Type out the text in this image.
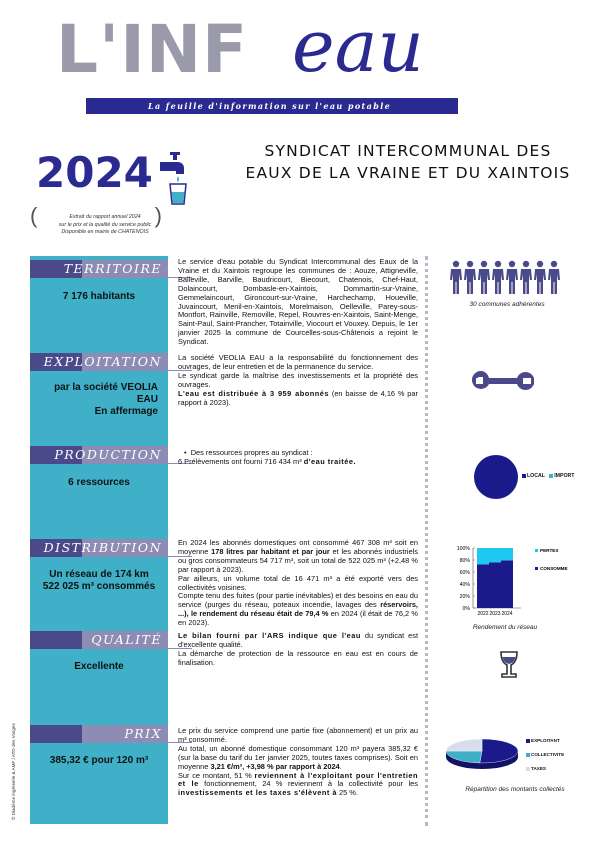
L'INF eau
La feuille d'information sur l'eau potable
SYNDICAT INTERCOMMUNAL DES EAUX DE LA VRAINE ET DU XAINTOIS
2024
(	Extrait du rapport annuel 2024
sur le prix et la qualité du service public
Disponible en mairie de CHATENOIS
)
TERRITOIRE
7 176 habitants
EXPLOITATION
par la société VEOLIA
EAU
En affermage
PRODUCTION
6 ressources
DISTRIBUTION
Un réseau de 174 km
522 025 m³ consommés
QUALITÉ
Excellente
PRIX
385,32 € pour 120 m³
© Diadème ingénierie & AMF / ATD des Vosges
Le service d'eau potable du Syndicat Intercommunal des Eaux de la Vraine et du Xaintois regroupe les communes de : Aouze, Attigneville, Balleville, Barville, Baudricourt, Biecourt, Chatenois, Chef-Haut, Dolaincourt, Dombasle-en-Xaintois, Dommartin-sur-Vraine, Gemmelaincourt, Gironcourt-sur-Vraine, Harchechamp, Houeville, Juvaincourt, Menil-en-Xaintois, Morelmaison, Oelleville, Parey-sous-Montfort, Rainville, Removille, Repel, Rouvres-en-Xaintois, Saint-Menge, Saint-Paul, Saint-Prancher, Totainville, Viocourt et Vouxey. Depuis, le 1er janvier 2025 la commune de Courcelles-sous-Châtenois a rejoint le Syndicat.
La société VEOLIA EAU a la responsabilité du fonctionnement des ouvrages, de leur entretien et de la permanence du service.
Le syndicat garde la maîtrise des investissements et la propriété des ouvrages.
L'eau est distribuée à 3 959 abonnés (en baisse de 4,16 % par rapport à 2023).
•  Des ressources propres au syndicat :
6 Prélèvements ont fourni 716 434 m³ d'eau traitée.
En 2024 les abonnés domestiques ont consommé 467 308 m³ soit en moyenne 178 litres par habitant et par jour et les abonnés industriels ou gros consommateurs 54 717 m³, soit un total de 522 025 m³ (+2,48 % par rapport à 2023).
Par ailleurs, un volume total de 16 471 m³ a été exporté vers des collectivités voisines.
Compte tenu des fuites (pour partie inévitables) et des besoins en eau du service (purges du réseau, poteaux incendie, lavages des réservoirs, ...), le rendement du réseau était de 79,4 % en 2024 (il était de 76,2 % en 2023).
Le bilan fourni par l'ARS indique que l'eau du syndicat est d'excellente qualité.
La démarche de protection de la ressource en eau est en cours de finalisation.
Le prix du service comprend une partie fixe (abonnement) et un prix au m³ consommé.
Au total, un abonné domestique consommant 120 m³ payera 385,32 € (sur la base du tarif du 1er janvier 2025, toutes taxes comprises). Soit en moyenne 3,21 €/m³, +3,98 % par rapport à 2024.
Sur ce montant, 51 % reviennent à l'exploitant pour l'entretien et le fonctionnement, 24 % reviennent à la collectivité pour les investissements et les taxes s'élèvent à 25 %.
30 communes adhérentes
LOCAL IMPORT
0%
20%
40%
60%
80%
100%
2022 2023 2024
PERTES
CONSOMME
Rendement du réseau
EXPLOITANT
COLLECTIVITE
TAXES
Répartition des montants collectés
